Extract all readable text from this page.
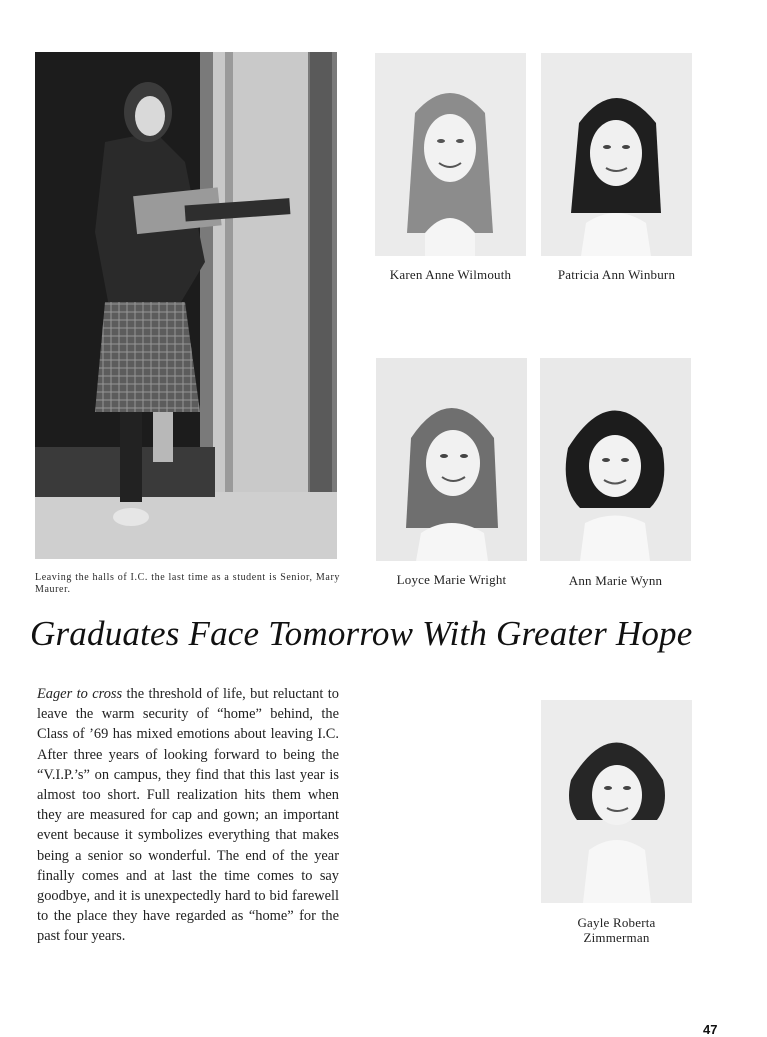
Leaving the halls of I.C. the last time as a student is Senior, Mary Maurer.
Karen Anne Wilmouth	Patricia Ann Winburn
Loyce Marie Wright	Ann Marie Wynn
Graduates Face Tomorrow With Greater Hope
Eager to cross the threshold of life, but reluctant to leave the warm security of “home” behind, the Class of ’69 has mixed emotions about leaving I.C. After three years of looking forward to being the “V.I.P.’s” on campus, they find that this last year is almost too short. Full realization hits them when they are measured for cap and gown; an important event because it symbolizes everything that makes being a senior so wonderful. The end of the year finally comes and at last the time comes to say goodbye, and it is unexpectedly hard to bid farewell to the place they have regarded as “home” for the past four years.
Gayle Roberta
Zimmerman
47
